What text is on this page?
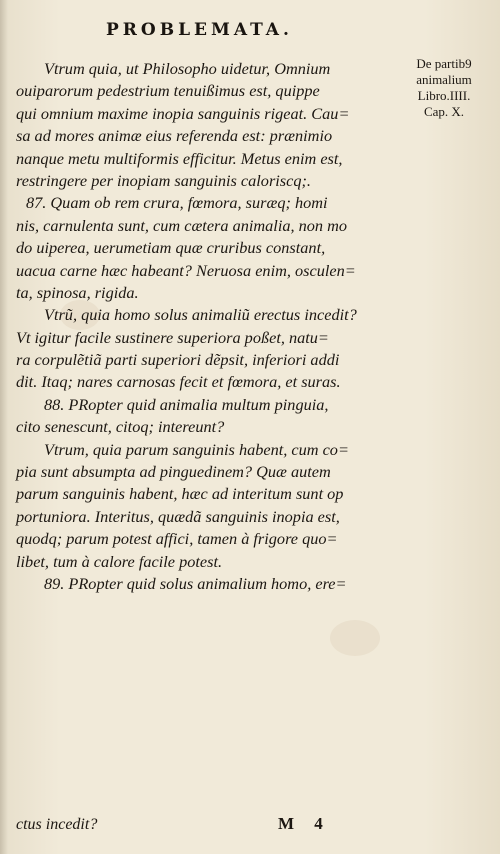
PROBLEMATA.
De partib9
animalium
Libro.IIII.
Cap. X.
Vtrum quia, ut Philosopho uidetur, Omnium
ouiparorum pedestrium tenuißimus est, quippe
qui omnium maxime inopia sanguinis rigeat. Cau=
sa ad mores animæ eius referenda est: prænimio
nanque metu multiformis efficitur. Metus enim est,
restringere per inopiam sanguinis caloriscq;.
87. Quam ob rem crura, fœmora, suræq; homi
nis, carnulenta sunt, cum cætera animalia, non mo
do uiperea, uerumetiam quæ cruribus constant,
uacua carne hæc habeant? Neruosa enim, osculen=
ta, spinosa, rigida.
Vtrũ, quia homo solus animaliũ erectus incedit?
Vt igitur facile sustinere superiora poßet, natu=
ra corpulẽtiã parti superiori dẽpsit, inferiori addi
dit. Itaq; nares carnosas fecit et fœmora, et suras.
88. PRopter quid animalia multum pinguia,
cito senescunt, citoq; intereunt?
Vtrum, quia parum sanguinis habent, cum co=
pia sunt absumpta ad pinguedinem? Quæ autem
parum sanguinis habent, hæc ad interitum sunt op
portuniora. Interitus, quædã sanguinis inopia est,
quodq; parum potest affici, tamen à frigore quo=
libet, tum à calore facile potest.
89. PRopter quid solus animalium homo, ere=
ctus incedit?	M 4
